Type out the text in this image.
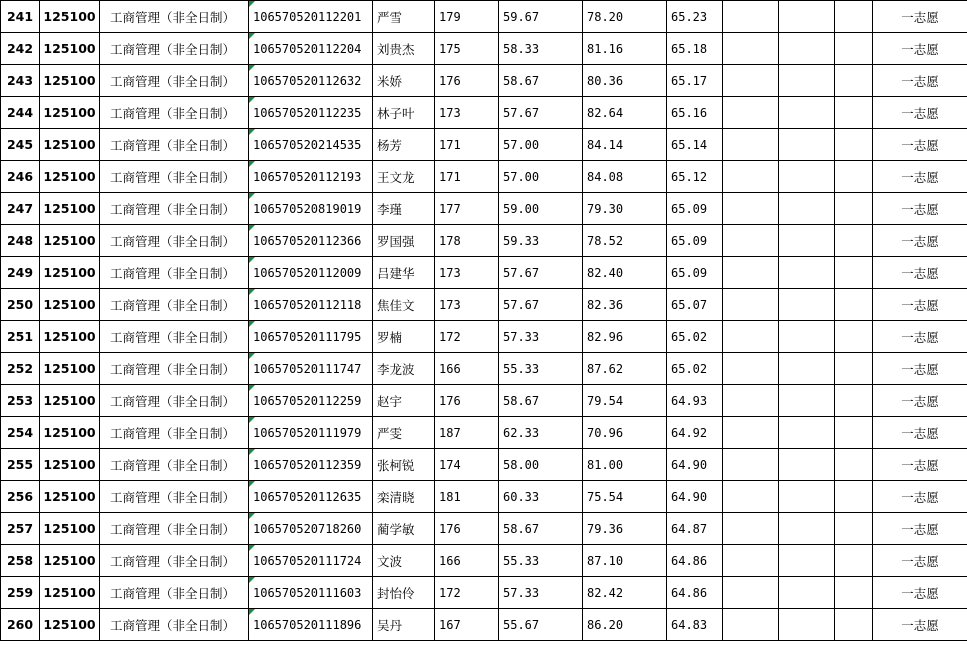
241	125100	工商管理（非全日制）	106570520112201	严雪	179	59.67	78.20	65.23				一志愿
242	125100	工商管理（非全日制）	106570520112204	刘贵杰	175	58.33	81.16	65.18				一志愿
243	125100	工商管理（非全日制）	106570520112632	米娇	176	58.67	80.36	65.17				一志愿
244	125100	工商管理（非全日制）	106570520112235	林子叶	173	57.67	82.64	65.16				一志愿
245	125100	工商管理（非全日制）	106570520214535	杨芳	171	57.00	84.14	65.14				一志愿
246	125100	工商管理（非全日制）	106570520112193	王文龙	171	57.00	84.08	65.12				一志愿
247	125100	工商管理（非全日制）	106570520819019	李瑾	177	59.00	79.30	65.09				一志愿
248	125100	工商管理（非全日制）	106570520112366	罗国强	178	59.33	78.52	65.09				一志愿
249	125100	工商管理（非全日制）	106570520112009	吕建华	173	57.67	82.40	65.09				一志愿
250	125100	工商管理（非全日制）	106570520112118	焦佳文	173	57.67	82.36	65.07				一志愿
251	125100	工商管理（非全日制）	106570520111795	罗楠	172	57.33	82.96	65.02				一志愿
252	125100	工商管理（非全日制）	106570520111747	李龙波	166	55.33	87.62	65.02				一志愿
253	125100	工商管理（非全日制）	106570520112259	赵宇	176	58.67	79.54	64.93				一志愿
254	125100	工商管理（非全日制）	106570520111979	严雯	187	62.33	70.96	64.92				一志愿
255	125100	工商管理（非全日制）	106570520112359	张柯锐	174	58.00	81.00	64.90				一志愿
256	125100	工商管理（非全日制）	106570520112635	栾清晓	181	60.33	75.54	64.90				一志愿
257	125100	工商管理（非全日制）	106570520718260	蔺学敏	176	58.67	79.36	64.87				一志愿
258	125100	工商管理（非全日制）	106570520111724	文波	166	55.33	87.10	64.86				一志愿
259	125100	工商管理（非全日制）	106570520111603	封怡伶	172	57.33	82.42	64.86				一志愿
260	125100	工商管理（非全日制）	106570520111896	吴丹	167	55.67	86.20	64.83				一志愿
